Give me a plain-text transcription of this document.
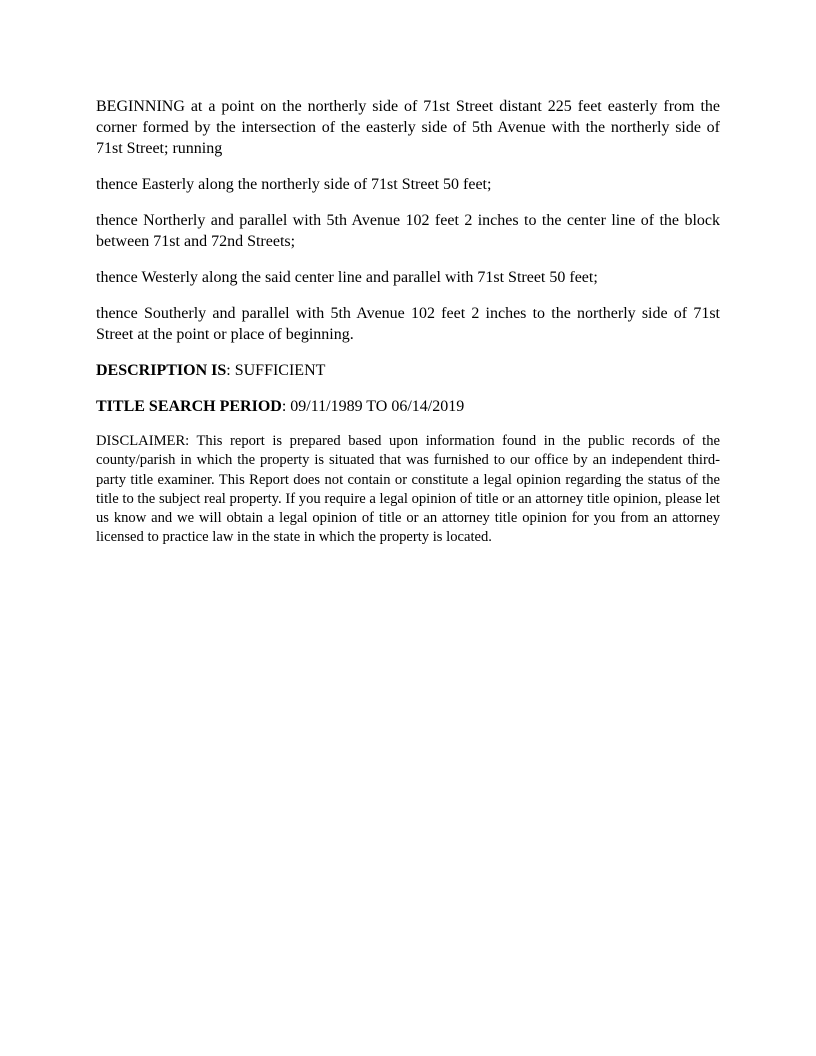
BEGINNING at a point on the northerly side of 71st Street distant 225 feet easterly from the corner formed by the intersection of the easterly side of 5th Avenue with the northerly side of 71st Street; running

thence Easterly along the northerly side of 71st Street 50 feet;

thence Northerly and parallel with 5th Avenue 102 feet 2 inches to the center line of the block between 71st and 72nd Streets;

thence Westerly along the said center line and parallel with 71st Street 50 feet;

thence Southerly and parallel with 5th Avenue 102 feet 2 inches to the northerly side of 71st Street at the point or place of beginning.

DESCRIPTION IS: SUFFICIENT

TITLE SEARCH PERIOD: 09/11/1989 TO 06/14/2019

DISCLAIMER: This report is prepared based upon information found in the public records of the county/parish in which the property is situated that was furnished to our office by an independent third-party title examiner. This Report does not contain or constitute a legal opinion regarding the status of the title to the subject real property. If you require a legal opinion of title or an attorney title opinion, please let us know and we will obtain a legal opinion of title or an attorney title opinion for you from an attorney licensed to practice law in the state in which the property is located.
